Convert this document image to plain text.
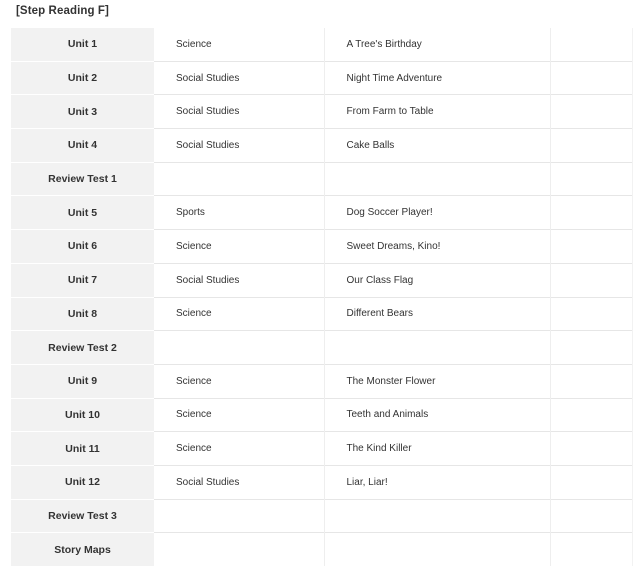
[Step Reading F]
Unit 1	Science	A Tree's Birthday	
Unit 2	Social Studies	Night Time Adventure	
Unit 3	Social Studies	From Farm to Table	
Unit 4	Social Studies	Cake Balls	
Review Test 1			
Unit 5	Sports	Dog Soccer Player!	
Unit 6	Science	Sweet Dreams, Kino!	
Unit 7	Social Studies	Our Class Flag	
Unit 8	Science	Different Bears	
Review Test 2			
Unit 9	Science	The Monster Flower	
Unit 10	Science	Teeth and Animals	
Unit 11	Science	The Kind Killer	
Unit 12	Social Studies	Liar, Liar!	
Review Test 3			
Story Maps			
